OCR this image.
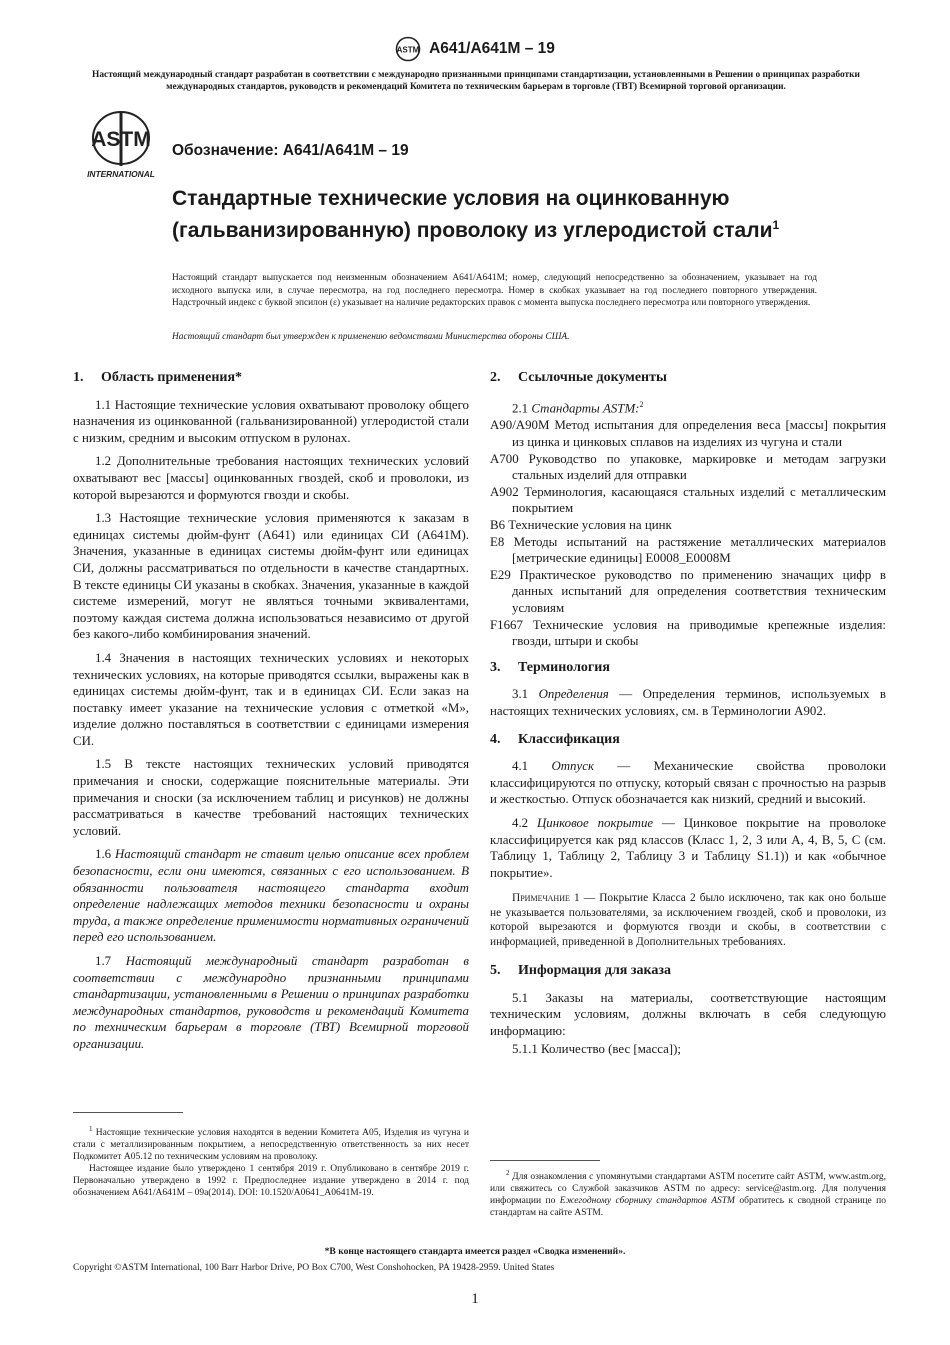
ASTM A641/A641M – 19
Настоящий международный стандарт разработан в соответствии с международно признанными принципами стандартизации, установленными в Решении о принципах разработки международных стандартов, руководств и рекомендаций Комитета по техническим барьерам в торговле (ТВТ) Всемирной торговой организации.
ASTM
INTERNATIONAL
Обозначение: A641/A641M – 19
Стандартные технические условия на оцинкованную (гальванизированную) проволоку из углеродистой стали$^1$
Настоящий стандарт выпускается под неизменным обозначением A641/A641M; номер, следующий непосредственно за обозначением, указывает на год исходного выпуска или, в случае пересмотра, на год последнего пересмотра. Номер в скобках указывает на год последнего повторного утверждения. Надстрочный индекс с буквой эпсилон (ε) указывает на наличие редакторских правок с момента выпуска последнего пересмотра или повторного утверждения.
Настоящий стандарт был утвержден к применению ведомствами Министерства обороны США.
1. Область применения*

1.1 Настоящие технические условия охватывают проволоку общего назначения из оцинкованной (гальванизированной) углеродистой стали с низким, средним и высоким отпуском в рулонах.

1.2 Дополнительные требования настоящих технических условий охватывают вес [массы] оцинкованных гвоздей, скоб и проволоки, из которой вырезаются и формуются гвозди и скобы.

1.3 Настоящие технические условия применяются к заказам в единицах системы дюйм-фунт (A641) или единицах СИ (A641M). Значения, указанные в единицах системы дюйм-фунт или единицах СИ, должны рассматриваться по отдельности в качестве стандартных. В тексте единицы СИ указаны в скобках. Значения, указанные в каждой системе измерений, могут не являться точными эквивалентами, поэтому каждая система должна использоваться независимо от другой без какого-либо комбинирования значений.

1.4 Значения в настоящих технических условиях и некоторых технических условиях, на которые приводятся ссылки, выражены как в единицах системы дюйм-фунт, так и в единицах СИ. Если заказ на поставку имеет указание на технические условия с отметкой «M», изделие должно поставляться в соответствии с единицами измерения СИ.

1.5 В тексте настоящих технических условий приводятся примечания и сноски, содержащие пояснительные материалы. Эти примечания и сноски (за исключением таблиц и рисунков) не должны рассматриваться в качестве требований настоящих технических условий.

1.6 Настоящий стандарт не ставит целью описание всех проблем безопасности, если они имеются, связанных с его использованием. В обязанности пользователя настоящего стандарта входит определение надлежащих методов техники безопасности и охраны труда, а также определение применимости нормативных ограничений перед его использованием.

1.7 Настоящий международный стандарт разработан в соответствии с международно признанными принципами стандартизации, установленными в Решении о принципах разработки международных стандартов, руководств и рекомендаций Комитета по техническим барьерам в торговле (ТВТ) Всемирной торговой организации.

$^1$ Настоящие технические условия находятся в ведении Комитета A05, Изделия из чугуна и стали с металлизированным покрытием, а непосредственную ответственность за них несет Подкомитет A05.12 по техническим условиям на проволоку.

Настоящее издание было утверждено 1 сентября 2019 г. Опубликовано в сентябре 2019 г. Первоначально утверждено в 1992 г. Предпоследнее издание утверждено в 2014 г. под обозначением A641/A641M – 09a(2014). DOI: 10.1520/A0641_A0641M-19.

2. Ссылочные документы

2.1 Стандарты ASTM:$^2$

A90/A90M Метод испытания для определения веса [массы] покрытия из цинка и цинковых сплавов на изделиях из чугуна и стали

A700 Руководство по упаковке, маркировке и методам загрузки стальных изделий для отправки

A902 Терминология, касающаяся стальных изделий с металлическим покрытием

B6 Технические условия на цинк

E8 Методы испытаний на растяжение металлических материалов [метрические единицы] E0008_E0008M

E29 Практическое руководство по применению значащих цифр в данных испытаний для определения соответствия техническим условиям

F1667 Технические условия на приводимые крепежные изделия: гвозди, штыри и скобы

3. Терминология

3.1 Определения — Определения терминов, используемых в настоящих технических условиях, см. в Терминологии A902.

4. Классификация

4.1 Отпуск — Механические свойства проволоки классифицируются по отпуску, который связан с прочностью на разрыв и жесткостью. Отпуск обозначается как низкий, средний и высокий.

4.2 Цинковое покрытие — Цинковое покрытие на проволоке классифицируется как ряд классов (Класс 1, 2, 3 или A, 4, B, 5, C (см. Таблицу 1, Таблицу 2, Таблицу 3 и Таблицу S1.1)) и как «обычное покрытие».

Примечание 1 — Покрытие Класса 2 было исключено, так как оно больше не указывается пользователями, за исключением гвоздей, скоб и проволоки, из которой вырезаются и формуются гвозди и скобы, в соответствии с информацией, приведенной в Дополнительных требованиях.

5. Информация для заказа

5.1 Заказы на материалы, соответствующие настоящим техническим условиям, должны включать в себя следующую информацию:

5.1.1 Количество (вес [масса]);

$^2$ Для ознакомления с упомянутыми стандартами ASTM посетите сайт ASTM, www.astm.org, или свяжитесь со Службой заказчиков ASTM по адресу: service@astm.org. Для получения информации по Ежегодному сборнику стандартов ASTM обратитесь к сводной странице по стандартам на сайте ASTM.

*В конце настоящего стандарта имеется раздел «Сводка изменений».
Copyright ©ASTM International, 100 Barr Harbor Drive, PO Box C700, West Conshohocken, PA 19428-2959. United States
1
